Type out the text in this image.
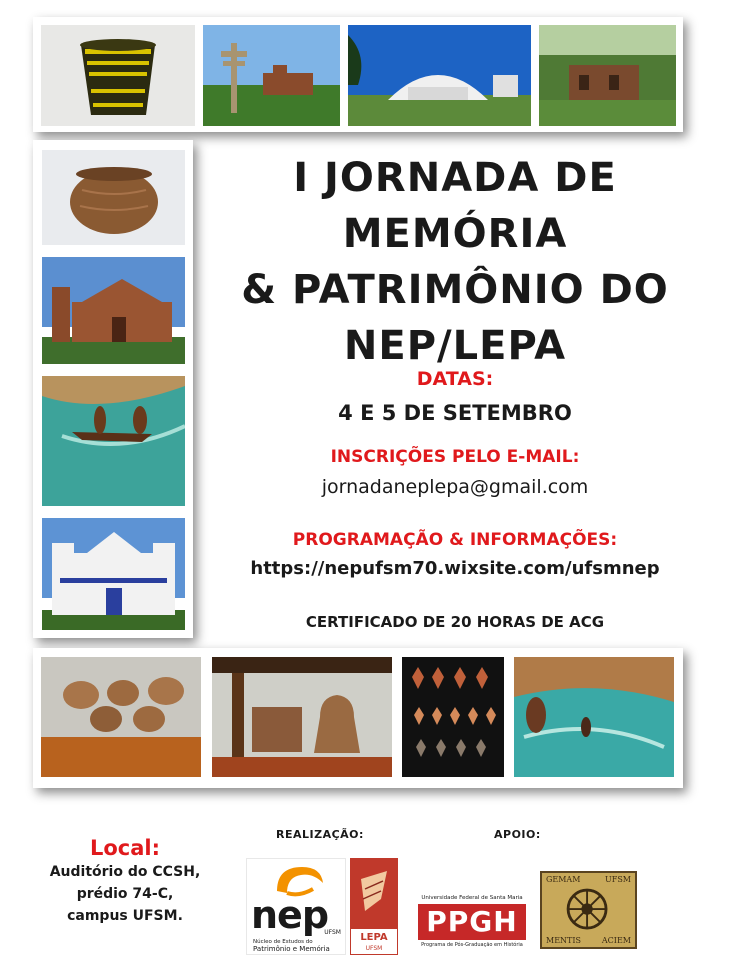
I JORNADA DE MEMÓRIA
& PATRIMÔNIO DO
NEP/LEPA
DATAS:
4 E 5 DE SETEMBRO
INSCRIÇÕES PELO E-MAIL:
jornadaneplepa@gmail.com
PROGRAMAÇÃO & INFORMAÇÕES:
https://nepufsm70.wixsite.com/ufsmnep
CERTIFICADO DE 20 HORAS DE ACG
Local:
Auditório do CCSH,
prédio 74-C,
campus UFSM.
REALIZAÇÃO:	APOIO:
nep
UFSM
Núcleo de Estudos do
Patrimônio e Memória
LEPA
UFSM
Universidade Federal de Santa Maria
PPGH
Programa de Pós-Graduação em História
GEMAM	UFSM
MENTIS	ACIEM
